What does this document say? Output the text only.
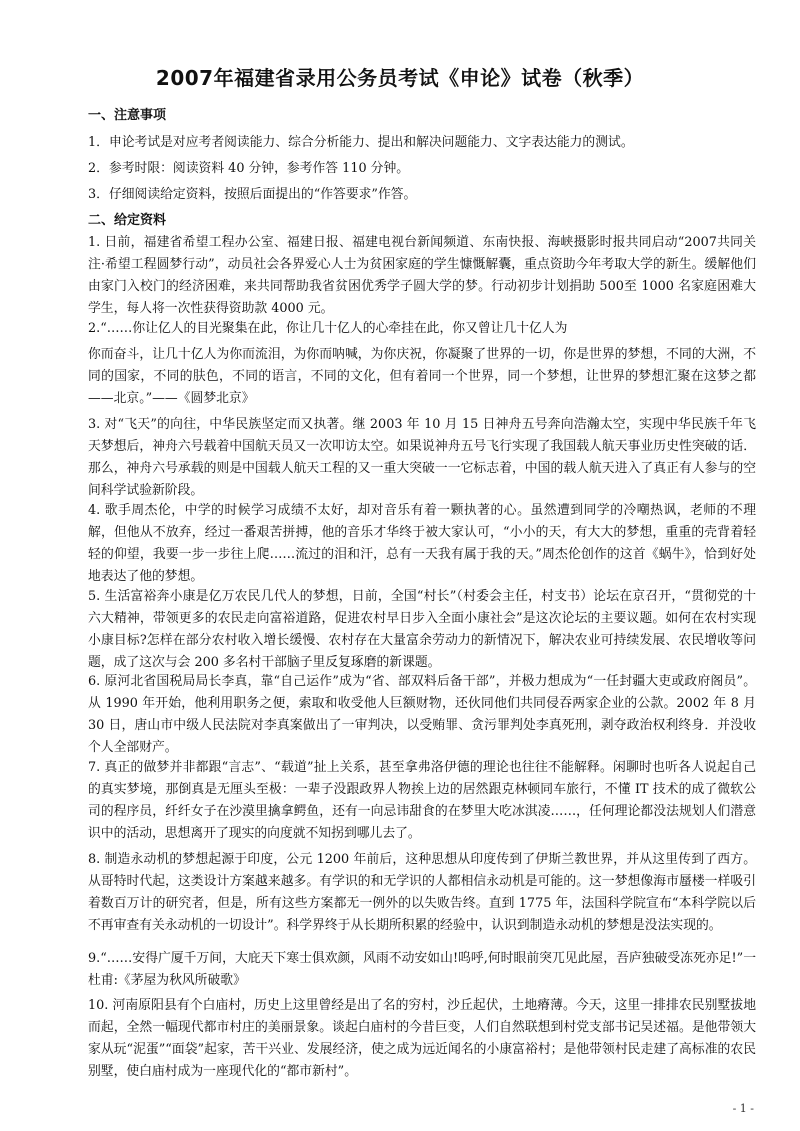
2007年福建省录用公务员考试《申论》试卷（秋季）
一、注意事项
1．申论考试是对应考者阅读能力、综合分析能力、提出和解决问题能力、文字表达能力的测试。
2．参考时限：阅读资料 40 分钟，参考作答 110 分钟。
3．仔细阅读给定资料，按照后面提出的“作答要求”作答。
二、给定资料
1. 日前，福建省希望工程办公室、福建日报、福建电视台新闻频道、东南快报、海峡摄影时报共同启动“2007共同关注·希望工程圆梦行动”，动员社会各界爱心人士为贫困家庭的学生慷慨解囊，重点资助今年考取大学的新生。缓解他们由家门入校门的经济困难，来共同帮助我省贫困优秀学子圆大学的梦。行动初步计划捐助 500至 1000 名家庭困难大学生，每人将一次性获得资助款 4000 元。
2.“……你让亿人的目光聚集在此，你让几十亿人的心牵挂在此，你又曾让几十亿人为
你而奋斗，让几十亿人为你而流泪，为你而呐喊，为你庆祝，你凝聚了世界的一切，你是世界的梦想，不同的大洲，不同的国家，不同的肤色，不同的语言，不同的文化，但有着同一个世界，同一个梦想，让世界的梦想汇聚在这梦之都——北京。”——《圆梦北京》
3. 对“飞天”的向往，中华民族坚定而又执著。继 2003 年 10 月 15 日神舟五号奔向浩瀚太空，实现中华民族千年飞天梦想后，神舟六号载着中国航天员又一次叩访太空。如果说神舟五号飞行实现了我国载人航天事业历史性突破的话．那么，神舟六号承载的则是中国载人航天工程的又一重大突破一一它标志着，中国的载人航天进入了真正有人参与的空间科学试验新阶段。
4. 歌手周杰伦，中学的时候学习成绩不太好，却对音乐有着一颗执著的心。虽然遭到同学的冷嘲热讽，老师的不理解，但他从不放弃，经过一番艰苦拼搏，他的音乐才华终于被大家认可，“小小的天，有大大的梦想，重重的壳背着轻轻的仰望，我要一步一步往上爬……流过的泪和汗，总有一天我有属于我的天。”周杰伦创作的这首《蜗牛》，恰到好处地表达了他的梦想。
5. 生活富裕奔小康是亿万农民几代人的梦想，日前，全国“村长”（村委会主任，村支书）论坛在京召开，“贯彻党的十六大精神，带领更多的农民走向富裕道路，促进农村早日步入全面小康社会”是这次论坛的主要议题。如何在农村实现小康目标?怎样在部分农村收入增长缓慢、农村存在大量富余劳动力的新情况下，解决农业可持续发展、农民增收等问题，成了这次与会 200 多名村干部脑子里反复琢磨的新课题。
6. 原河北省国税局局长李真，靠“自己运作”成为“省、部双料后备干部”，并极力想成为“一任封疆大吏或政府阁员”。从 1990 年开始，他利用职务之便，索取和收受他人巨额财物，还伙同他们共同侵吞两家企业的公款。2002 年 8 月 30 日，唐山市中级人民法院对李真案做出了一审判决，以受贿罪、贪污罪判处李真死刑，剥夺政治权利终身．并没收个人全部财产。
7. 真正的做梦并非都跟“言志”、“载道”扯上关系，甚至拿弗洛伊德的理论也往往不能解释。闲聊时也听各人说起自己的真实梦境，那倒真是无厘头至极：一辈子没跟政界人物挨上边的居然跟克林顿同车旅行，不懂 IT 技术的成了微软公司的程序员，纤纤女子在沙漠里擒拿鳄鱼，还有一向忌讳甜食的在梦里大吃冰淇凌……，任何理论都没法规划人们潜意识中的活动，思想离开了现实的向度就不知拐到哪儿去了。
8. 制造永动机的梦想起源于印度，公元 1200 年前后，这种思想从印度传到了伊斯兰教世界，并从这里传到了西方。从哥特时代起，这类设计方案越来越多。有学识的和无学识的人都相信永动机是可能的。这一梦想像海市蜃楼一样吸引着数百万计的研究者，但是，所有这些方案都无一例外的以失败告终。直到 1775 年，法国科学院宣布“本科学院以后不再审查有关永动机的一切设计”。科学界终于从长期所积累的经验中，认识到制造永动机的梦想是没法实现的。
9.“……安得广厦千万间，大庇天下寒士俱欢颜，风雨不动安如山!呜呼,何时眼前突兀见此屋，吾庐独破受冻死亦足!”一杜甫:《茅屋为秋风所破歌》
10. 河南原阳县有个白庙村，历史上这里曾经是出了名的穷村，沙丘起伏，土地瘠薄。今天，这里一排排农民别墅拔地而起，全然一幅现代都市村庄的美丽景象。谈起白庙村的今昔巨变，人们自然联想到村党支部书记吴述福。是他带领大家从玩“泥蛋”“面袋”起家，苦干兴业、发展经济，使之成为远近闻名的小康富裕村；是他带领村民走建了高标准的农民别墅，使白庙村成为一座现代化的“都市新村”。
- 1 -
